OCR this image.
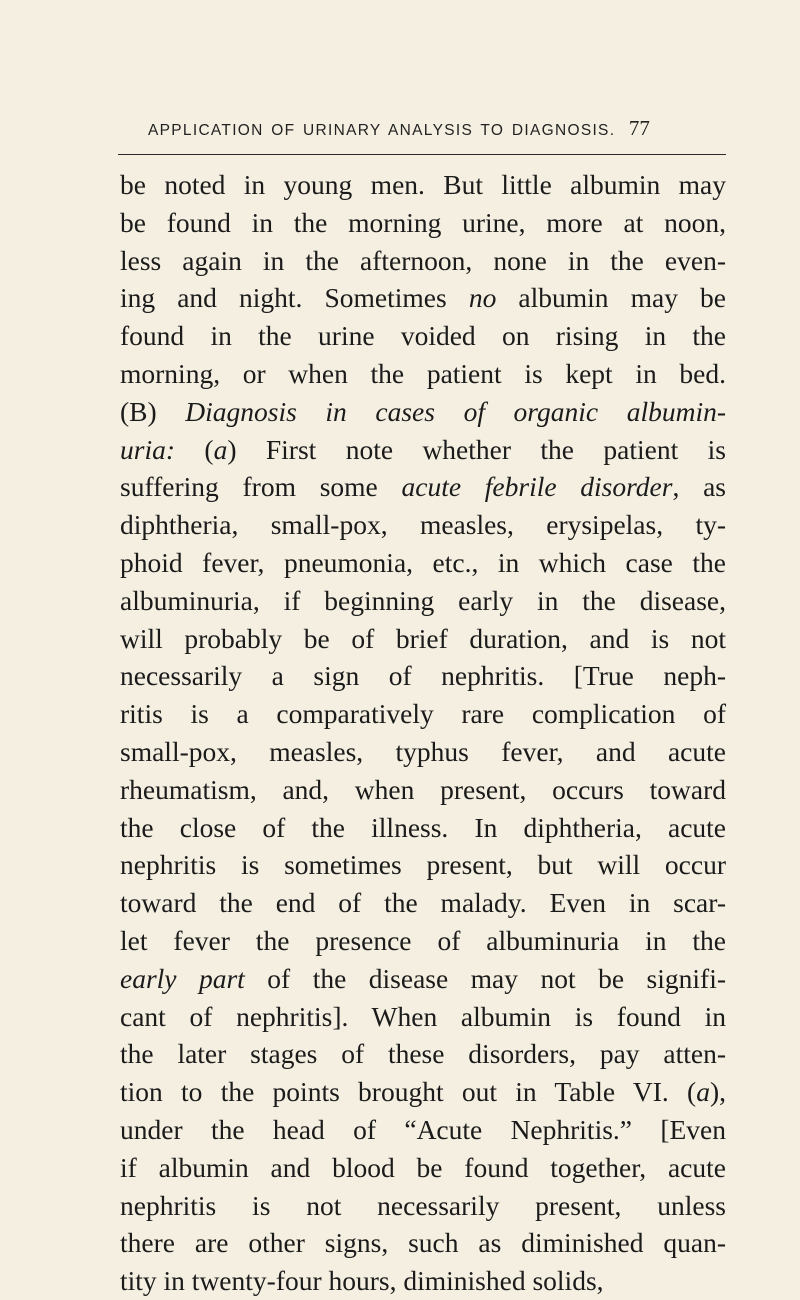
APPLICATION OF URINARY ANALYSIS TO DIAGNOSIS. 77
be noted in young men. But little albumin may
be found in the morning urine, more at noon,
less again in the afternoon, none in the even-
ing and night. Sometimes no albumin may be
found in the urine voided on rising in the
morning, or when the patient is kept in bed.
(B) Diagnosis in cases of organic albumin-
uria: (a) First note whether the patient is
suffering from some acute febrile disorder, as
diphtheria, small-pox, measles, erysipelas, ty-
phoid fever, pneumonia, etc., in which case the
albuminuria, if beginning early in the disease,
will probably be of brief duration, and is not
necessarily a sign of nephritis. [True neph-
ritis is a comparatively rare complication of
small-pox, measles, typhus fever, and acute
rheumatism, and, when present, occurs toward
the close of the illness. In diphtheria, acute
nephritis is sometimes present, but will occur
toward the end of the malady. Even in scar-
let fever the presence of albuminuria in the
early part of the disease may not be signifi-
cant of nephritis]. When albumin is found in
the later stages of these disorders, pay atten-
tion to the points brought out in Table VI. (a),
under the head of “Acute Nephritis.” [Even
if albumin and blood be found together, acute
nephritis is not necessarily present, unless
there are other signs, such as diminished quan-
tity in twenty-four hours, diminished solids,
